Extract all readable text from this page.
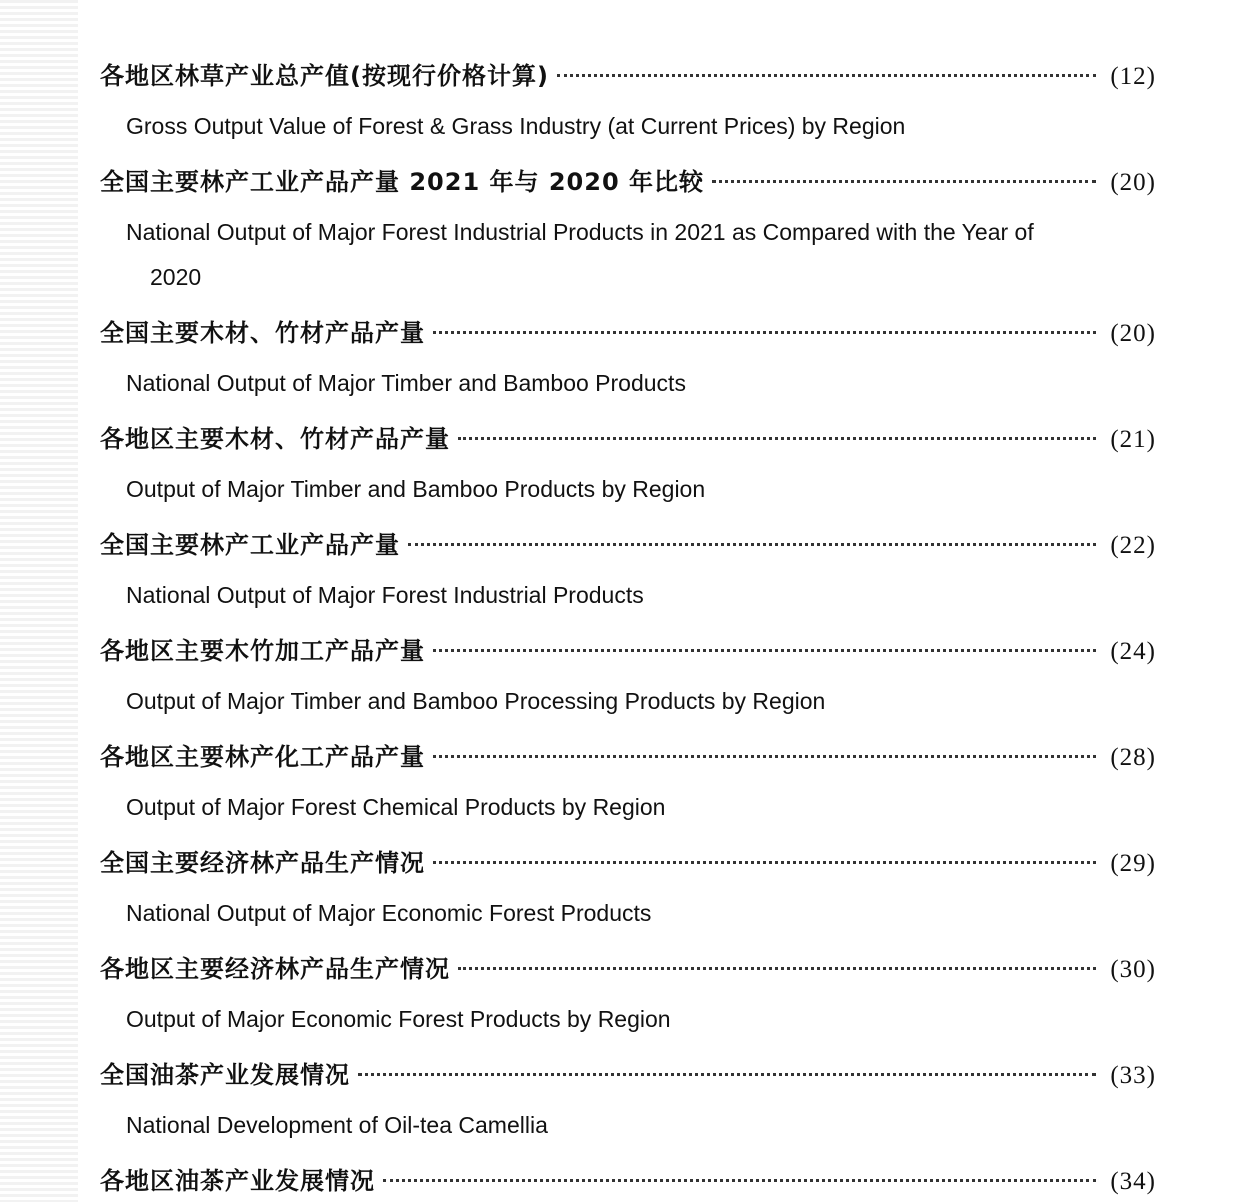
各地区林草产业总产值(按现行价格计算)	(12)
Gross Output Value of Forest & Grass Industry (at Current Prices) by Region
全国主要林产工业产品产量 2021 年与 2020 年比较	(20)
National Output of Major Forest Industrial Products in 2021 as Compared with the Year of 2020
全国主要木材、竹材产品产量	(20)
National Output of Major Timber and Bamboo Products
各地区主要木材、竹材产品产量	(21)
Output of Major Timber and Bamboo Products by Region
全国主要林产工业产品产量	(22)
National Output of Major Forest Industrial Products
各地区主要木竹加工产品产量	(24)
Output of Major Timber and Bamboo Processing Products by Region
各地区主要林产化工产品产量	(28)
Output of Major Forest Chemical Products by Region
全国主要经济林产品生产情况	(29)
National Output of Major Economic Forest Products
各地区主要经济林产品生产情况	(30)
Output of Major Economic Forest Products by Region
全国油茶产业发展情况	(33)
National Development of Oil-tea Camellia
各地区油茶产业发展情况	(34)
